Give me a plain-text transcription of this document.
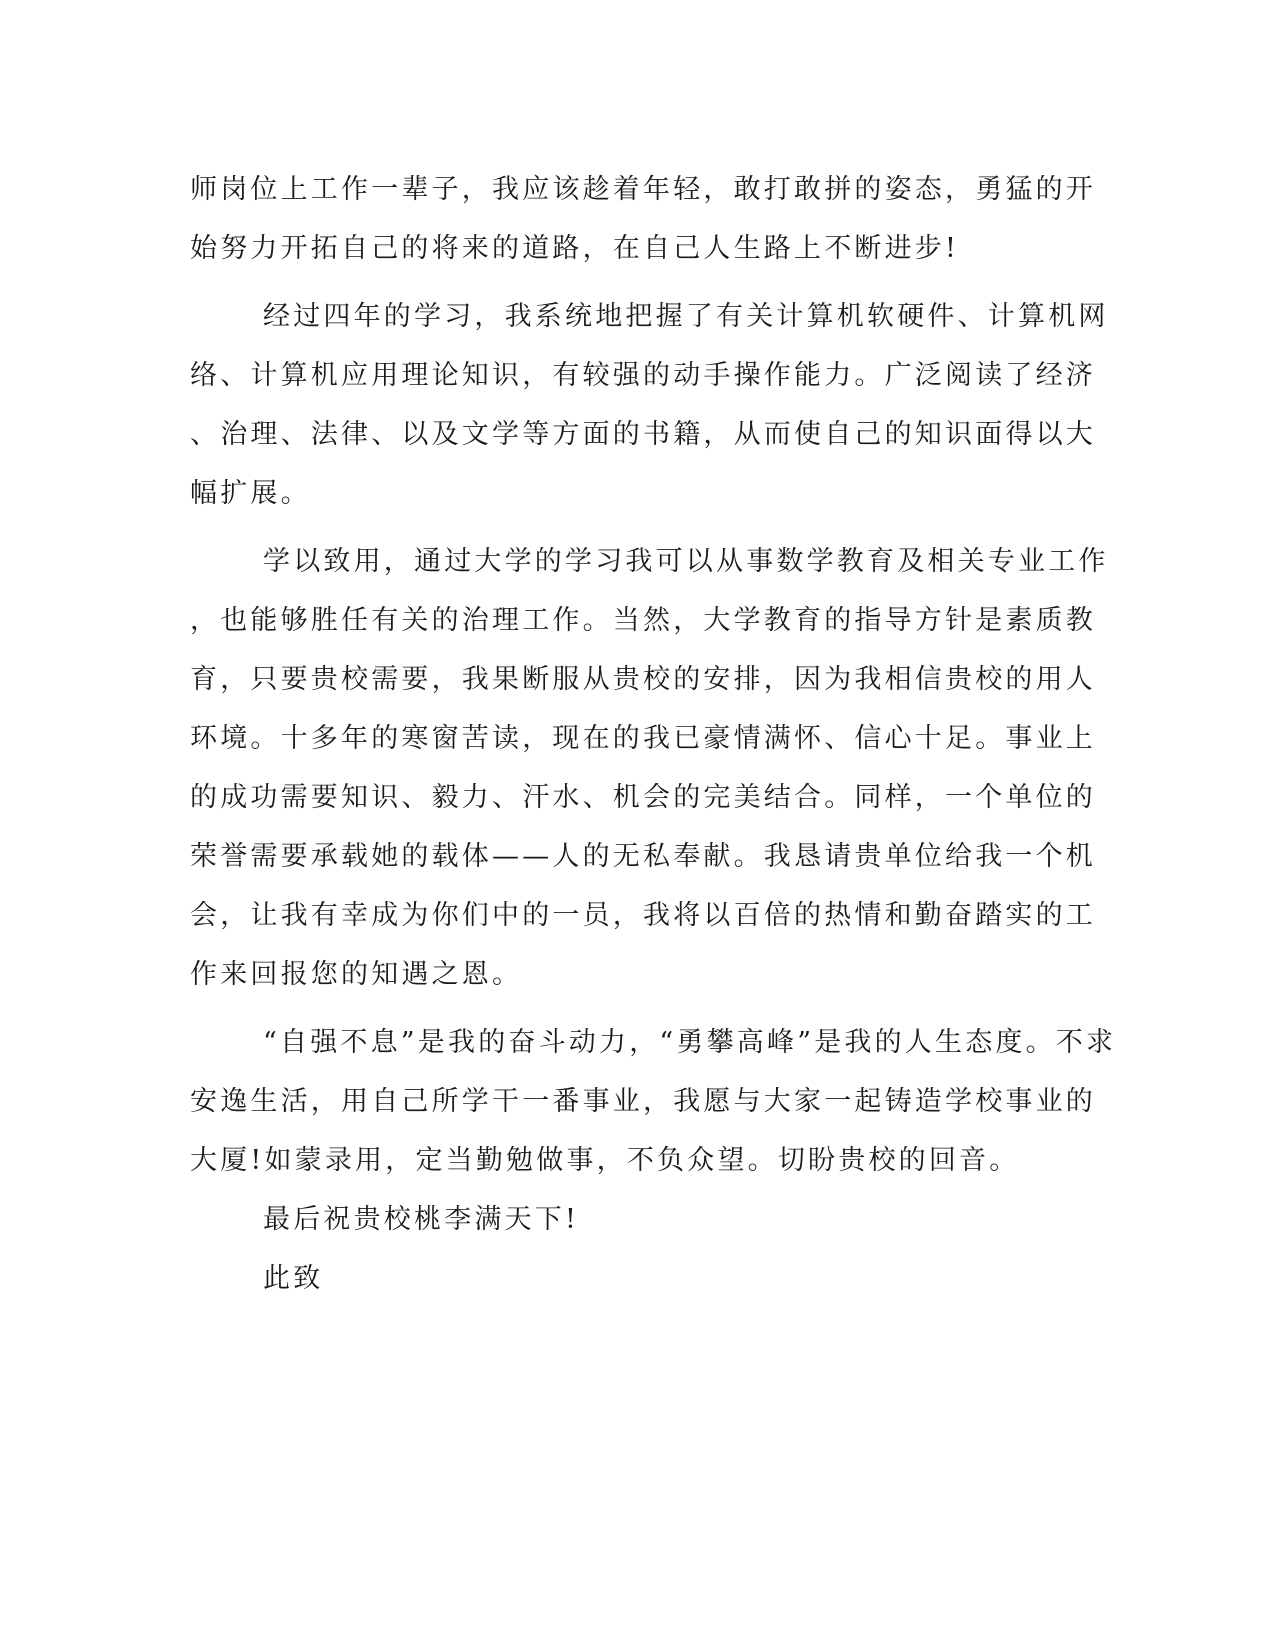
师岗位上工作一辈子，我应该趁着年轻，敢打敢拼的姿态，勇猛的开
始努力开拓自己的将来的道路，在自己人生路上不断进步!
经过四年的学习，我系统地把握了有关计算机软硬件、计算机网
络、计算机应用理论知识，有较强的动手操作能力。广泛阅读了经济
、治理、法律、以及文学等方面的书籍，从而使自己的知识面得以大
幅扩展。
学以致用，通过大学的学习我可以从事数学教育及相关专业工作
，也能够胜任有关的治理工作。当然，大学教育的指导方针是素质教
育，只要贵校需要，我果断服从贵校的安排，因为我相信贵校的用人
环境。十多年的寒窗苦读，现在的我已豪情满怀、信心十足。事业上
的成功需要知识、毅力、汗水、机会的完美结合。同样，一个单位的
荣誉需要承载她的载体——人的无私奉献。我恳请贵单位给我一个机
会，让我有幸成为你们中的一员，我将以百倍的热情和勤奋踏实的工
作来回报您的知遇之恩。
“自强不息”是我的奋斗动力，“勇攀高峰”是我的人生态度。不求
安逸生活，用自己所学干一番事业，我愿与大家一起铸造学校事业的
大厦!如蒙录用，定当勤勉做事，不负众望。切盼贵校的回音。
最后祝贵校桃李满天下!
此致
